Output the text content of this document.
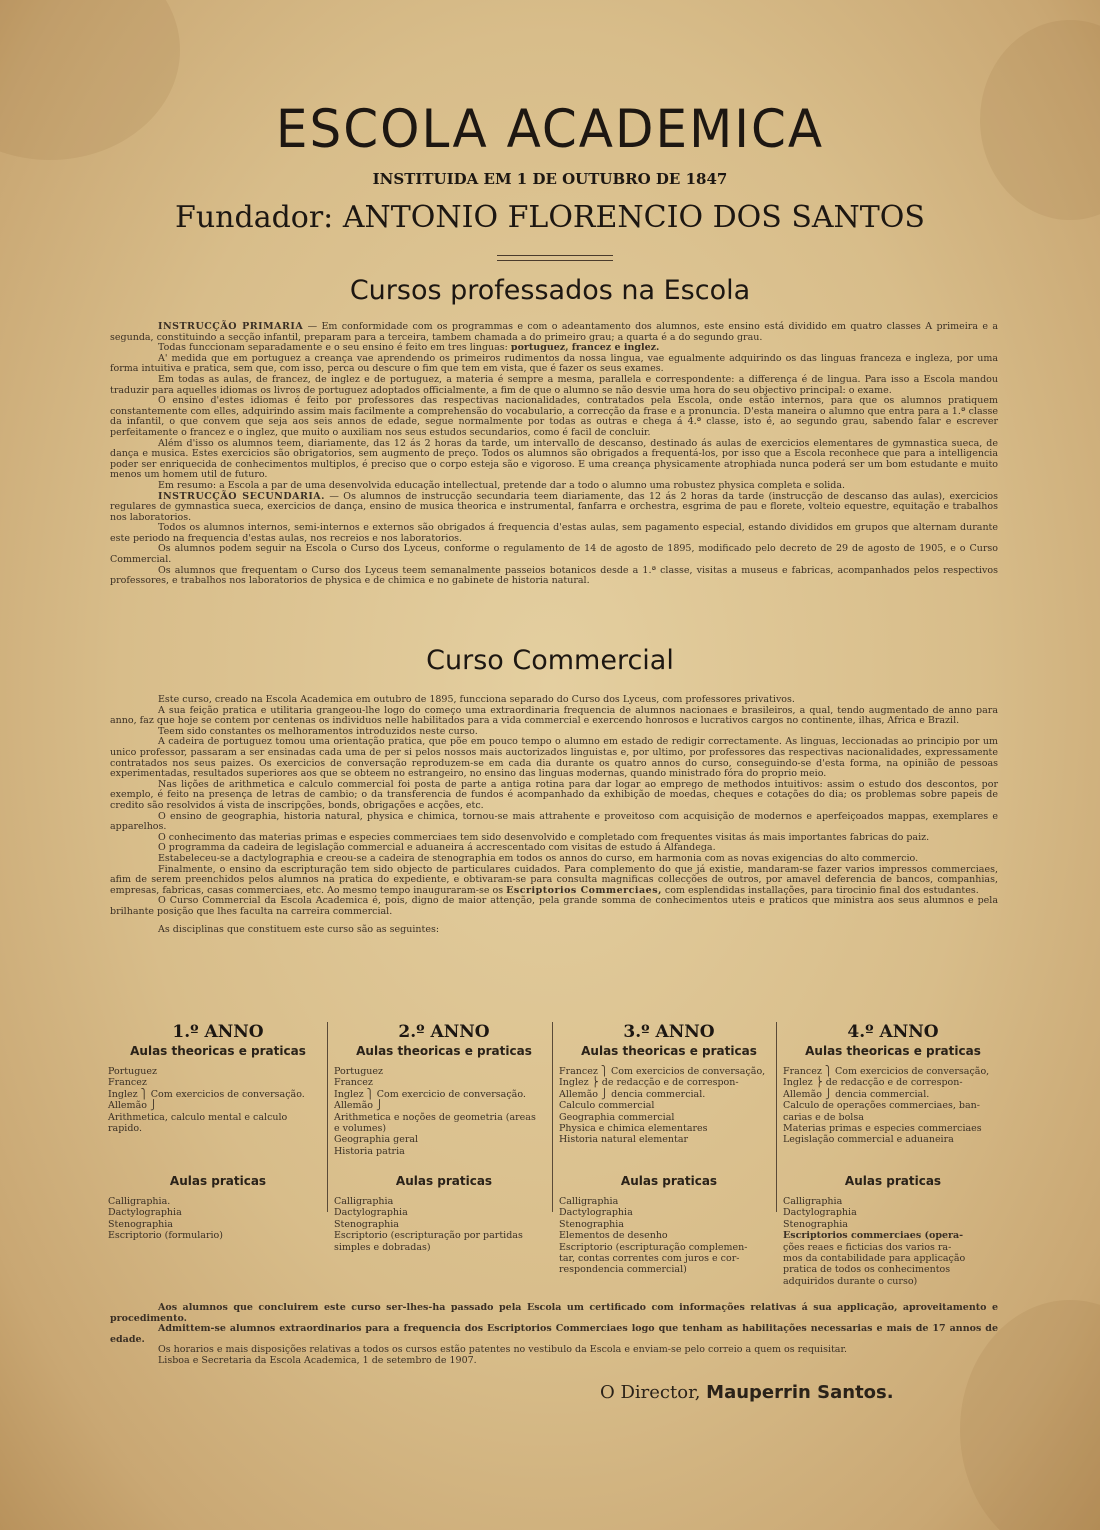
ESCOLA ACADEMICA
INSTITUIDA EM 1 DE OUTUBRO DE 1847
Fundador: ANTONIO FLORENCIO DOS SANTOS
Cursos professados na Escola

INSTRUCÇÃO PRIMARIA — Em conformidade com os programmas e com o adeantamento dos alumnos, este ensino está dividido em quatro classes A primeira e a segunda, constituindo a secção infantil, preparam para a terceira, tambem chamada a do primeiro grau; a quarta é a do segundo grau.

Todas funccionam separadamente e o seu ensino é feito em tres linguas: portuguez, francez e inglez.

A' medida que em portuguez a creança vae aprendendo os primeiros rudimentos da nossa lingua, vae egualmente adquirindo os das linguas franceza e ingleza, por uma forma intuitiva e pratica, sem que, com isso, perca ou descure o fim que tem em vista, que é fazer os seus exames.

Em todas as aulas, de francez, de inglez e de portuguez, a materia é sempre a mesma, parallela e correspondente: a differença é de lingua. Para isso a Escola mandou traduzir para aquelles idiomas os livros de portuguez adoptados officialmente, a fim de que o alumno se não desvie uma hora do seu objectivo principal: o exame.

O ensino d'estes idiomas é feito por professores das respectivas nacionalidades, contratados pela Escola, onde estão internos, para que os alumnos pratiquem constantemente com elles, adquirindo assim mais facilmente a comprehensão do vocabulario, a correcção da frase e a pronuncia. D'esta maneira o alumno que entra para a 1.ª classe da infantil, o que convem que seja aos seis annos de edade, segue normalmente por todas as outras e chega á 4.ª classe, isto é, ao segundo grau, sabendo falar e escrever perfeitamente o francez e o inglez, que muito o auxiliam nos seus estudos secundarios, como é facil de concluir.

Além d'isso os alumnos teem, diariamente, das 12 ás 2 horas da tarde, um intervallo de descanso, destinado ás aulas de exercicios elementares de gymnastica sueca, de dança e musica. Estes exercicios são obrigatorios, sem augmento de preço. Todos os alumnos são obrigados a frequentá-los, por isso que a Escola reconhece que para a intelligencia poder ser enriquecida de conhecimentos multiplos, é preciso que o corpo esteja são e vigoroso. E uma creança physicamente atrophiada nunca poderá ser um bom estudante e muito menos um homem util de futuro.

Em resumo: a Escola a par de uma desenvolvida educação intellectual, pretende dar a todo o alumno uma robustez physica completa e solida.

INSTRUCÇÃO SECUNDARIA. — Os alumnos de instrucção secundaria teem diariamente, das 12 ás 2 horas da tarde (instrucção de descanso das aulas), exercicios regulares de gymnastica sueca, exercicios de dança, ensino de musica theorica e instrumental, fanfarra e orchestra, esgrima de pau e florete, volteio equestre, equitação e trabalhos nos laboratorios.

Todos os alumnos internos, semi-internos e externos são obrigados á frequencia d'estas aulas, sem pagamento especial, estando divididos em grupos que alternam durante este periodo na frequencia d'estas aulas, nos recreios e nos laboratorios.

Os alumnos podem seguir na Escola o Curso dos Lyceus, conforme o regulamento de 14 de agosto de 1895, modificado pelo decreto de 29 de agosto de 1905, e o Curso Commercial.

Os alumnos que frequentam o Curso dos Lyceus teem semanalmente passeios botanicos desde a 1.ª classe, visitas a museus e fabricas, acompanhados pelos respectivos professores, e trabalhos nos laboratorios de physica e de chimica e no gabinete de historia natural.

Curso Commercial

Este curso, creado na Escola Academica em outubro de 1895, funcciona separado do Curso dos Lyceus, com professores privativos.

A sua feição pratica e utilitaria grangeou-lhe logo do começo uma extraordinaria frequencia de alumnos nacionaes e brasileiros, a qual, tendo augmentado de anno para anno, faz que hoje se contem por centenas os individuos nelle habilitados para a vida commercial e exercendo honrosos e lucrativos cargos no continente, ilhas, Africa e Brazil.

Teem sido constantes os melhoramentos introduzidos neste curso.

A cadeira de portuguez tomou uma orientação pratica, que põe em pouco tempo o alumno em estado de redigir correctamente. As linguas, leccionadas ao principio por um unico professor, passaram a ser ensinadas cada uma de per si pelos nossos mais auctorizados linguistas e, por ultimo, por professores das respectivas nacionalidades, expressamente contratados nos seus paizes. Os exercicios de conversação reproduzem-se em cada dia durante os quatro annos do curso, conseguindo-se d'esta forma, na opinião de pessoas experimentadas, resultados superiores aos que se obteem no estrangeiro, no ensino das linguas modernas, quando ministrado fóra do proprio meio.

Nas lições de arithmetica e calculo commercial foi posta de parte a antiga rotina para dar logar ao emprego de methodos intuitivos: assim o estudo dos descontos, por exemplo, é feito na presença de letras de cambio; o da transferencia de fundos é acompanhado da exhibição de moedas, cheques e cotações do dia; os problemas sobre papeis de credito são resolvidos á vista de inscripções, bonds, obrigações e acções, etc.

O ensino de geographia, historia natural, physica e chimica, tornou-se mais attrahente e proveitoso com acquisição de modernos e aperfeiçoados mappas, exemplares e apparelhos.

O conhecimento das materias primas e especies commerciaes tem sido desenvolvido e completado com frequentes visitas ás mais importantes fabricas do paiz.

O programma da cadeira de legislação commercial e aduaneira á accrescentado com visitas de estudo á Alfandega.

Estabeleceu-se a dactylographia e creou-se a cadeira de stenographia em todos os annos do curso, em harmonia com as novas exigencias do alto commercio.

Finalmente, o ensino da escripturação tem sido objecto de particulares cuidados. Para complemento do que já existie, mandaram-se fazer varios impressos commerciaes, afim de serem preenchidos pelos alumnos na pratica do expediente, e obtivaram-se para consulta magnificas collecções de outros, por amavel deferencia de bancos, companhias, empresas, fabricas, casas commerciaes, etc. Ao mesmo tempo inauguraram-se os Escriptorios Commerciaes, com esplendidas installações, para tirocinio final dos estudantes.

O Curso Commercial da Escola Academica é, pois, digno de maior attenção, pela grande somma de conhecimentos uteis e praticos que ministra aos seus alumnos e pela brilhante posição que lhes faculta na carreira commercial.

As disciplinas que constituem este curso são as seguintes:

1.º ANNO
Aulas theoricas e praticas
Portuguez
Francez
Inglez ⎫ Com exercicios de conversação.
Allemão ⎭
Arithmetica, calculo mental e calculo
rapido.
Aulas praticas
Calligraphia.
Dactylographia
Stenographia
Escriptorio (formulario)
2.º ANNO
Aulas theoricas e praticas
Portuguez
Francez
Inglez ⎫ Com exercicio de conversação.
Allemão ⎭
Arithmetica e noções de geometria (areas
e volumes)
Geographia geral
Historia patria
Aulas praticas
Calligraphia
Dactylographia
Stenographia
Escriptorio (escripturação por partidas
simples e dobradas)
3.º ANNO
Aulas theoricas e praticas
Francez ⎫ Com exercicios de conversação,
Inglez ⎬ de redacção e de correspon-
Allemão ⎭ dencia commercial.
Calculo commercial
Geographia commercial
Physica e chimica elementares
Historia natural elementar
Aulas praticas
Calligraphia
Dactylographia
Stenographia
Elementos de desenho
Escriptorio (escripturação complemen-
tar, contas correntes com juros e cor-
respondencia commercial)
4.º ANNO
Aulas theoricas e praticas
Francez ⎫ Com exercicios de conversação,
Inglez ⎬ de redacção e de correspon-
Allemão ⎭ dencia commercial.
Calculo de operações commerciaes, ban-
carias e de bolsa
Materias primas e especies commerciaes
Legislação commercial e aduaneira
Aulas praticas
Calligraphia
Dactylographia
Stenographia
Escriptorios commerciaes (opera-
ções reaes e ficticias dos varios ra-
mos da contabilidade para applicação
pratica de todos os conhecimentos
adquiridos durante o curso)

Aos alumnos que concluirem este curso ser-lhes-ha passado pela Escola um certificado com informações relativas á sua applicação, aproveitamento e procedimento.

Admittem-se alumnos extraordinarios para a frequencia dos Escriptorios Commerciaes logo que tenham as habilitações necessarias e mais de 17 annos de edade.

Os horarios e mais disposições relativas a todos os cursos estão patentes no vestibulo da Escola e enviam-se pelo correio a quem os requisitar.

Lisboa e Secretaria da Escola Academica, 1 de setembro de 1907.

O Director, Mauperrin Santos.
